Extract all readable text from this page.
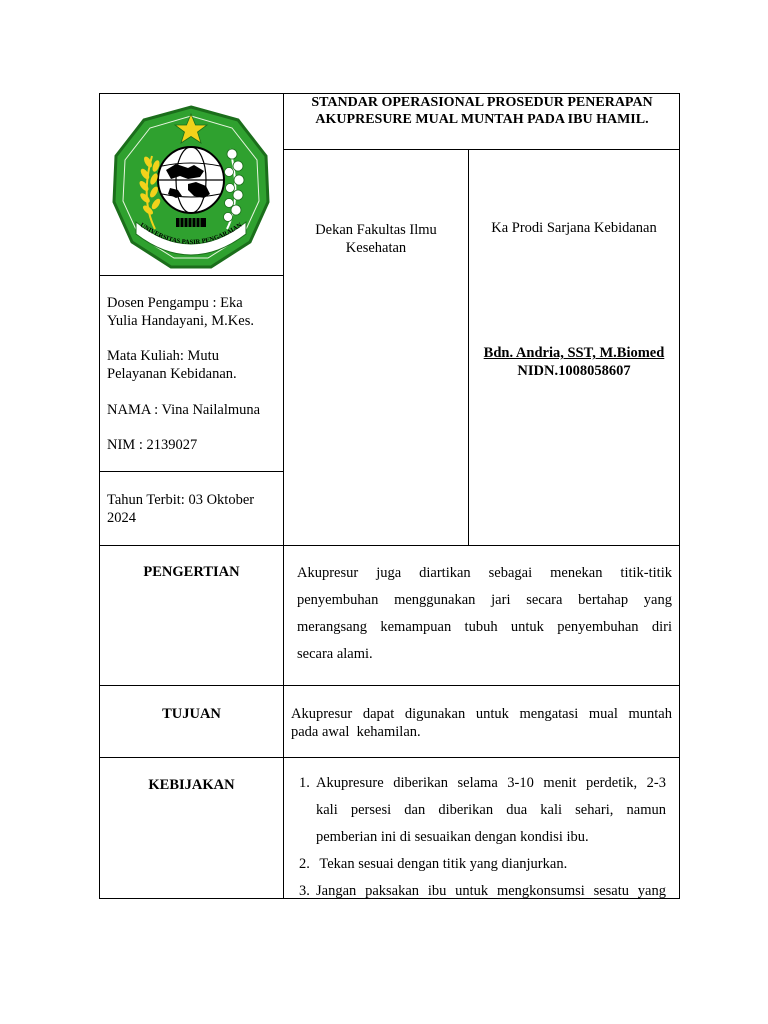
UNIVERSITAS PASIR PENGARAIAN
STANDAR OPERASIONAL PROSEDUR PENERAPAN
AKUPRESURE MUAL MUNTAH PADA IBU HAMIL.
Dosen Pengampu : Eka
Yulia Handayani, M.Kes.
Mata Kuliah: Mutu
Pelayanan Kebidanan.
NAMA : Vina Nailalmuna
NIM : 2139027
Tahun Terbit: 03 Oktober
2024
Dekan Fakultas Ilmu
Kesehatan
Ka Prodi Sarjana Kebidanan
Bdn. Andria, SST, M.Biomed
NIDN.1008058607
PENGERTIAN	Akupresur juga diartikan sebagai menekan titik-titik
penyembuhan menggunakan jari secara bertahap yang
merangsang kemampuan tubuh untuk penyembuhan diri
secara alami.
TUJUAN	Akupresur dapat digunakan untuk mengatasi mual muntah
pada awal  kehamilan.
KEBIJAKAN	1. Akupresure diberikan selama 3-10 menit perdetik, 2-3
kali persesi dan diberikan dua kali sehari, namun
pemberian ini di sesuaikan dengan kondisi ibu.
2. Tekan sesuai dengan titik yang dianjurkan.
3. Jangan paksakan ibu untuk mengkonsumsi sesatu yang
